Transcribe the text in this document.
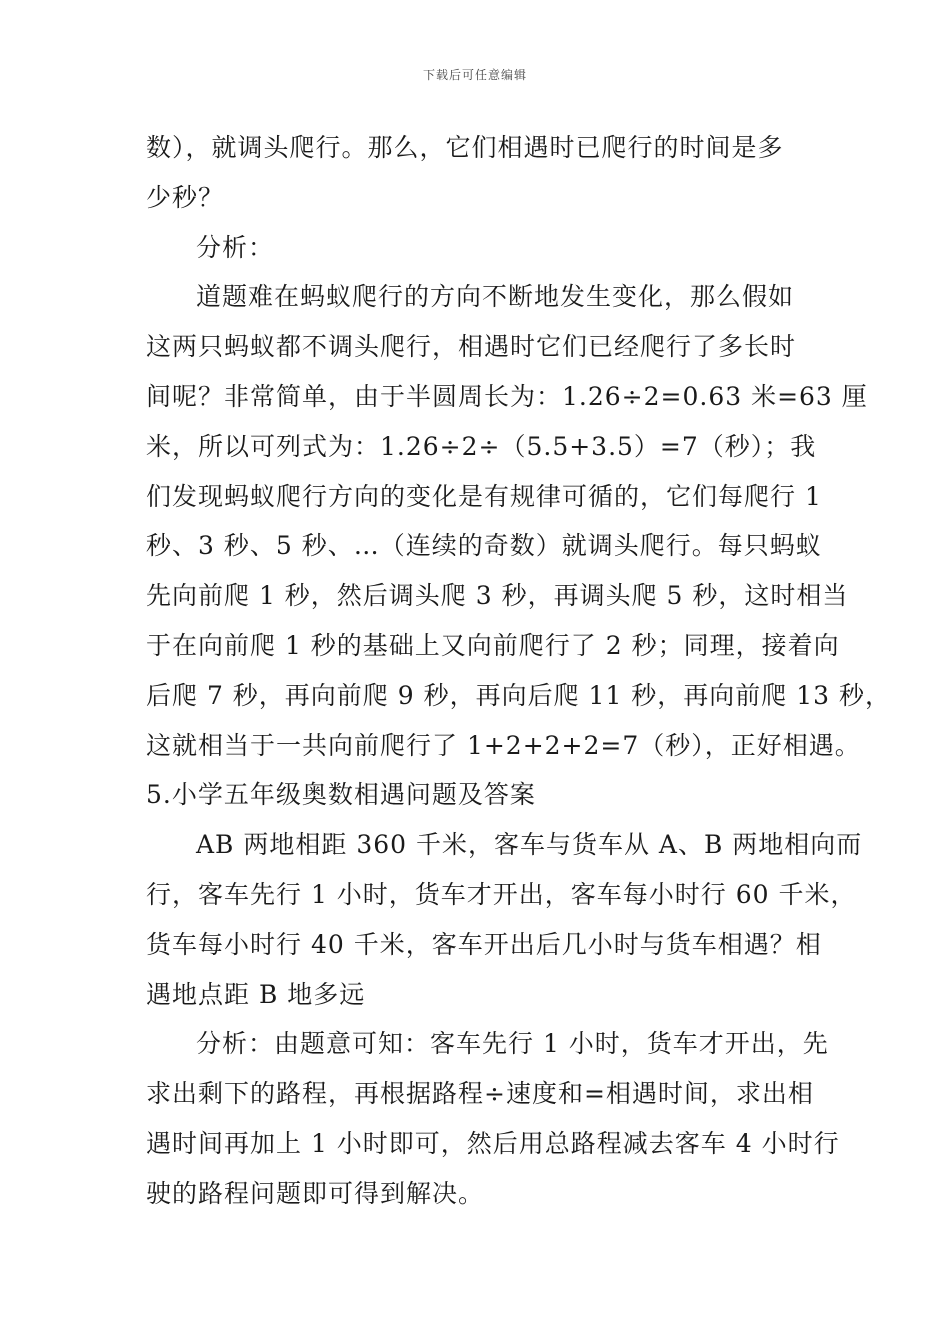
下载后可任意编辑
数），就调头爬行。那么，它们相遇时已爬行的时间是多
少秒？
分析：
道题难在蚂蚁爬行的方向不断地发生变化，那么假如
这两只蚂蚁都不调头爬行，相遇时它们已经爬行了多长时
间呢？非常简单，由于半圆周长为：1.26÷2=0.63 米=63 厘
米，所以可列式为：1.26÷2÷（5.5+3.5）=7（秒）；我
们发现蚂蚁爬行方向的变化是有规律可循的，它们每爬行 1
秒、3 秒、5 秒、…（连续的奇数）就调头爬行。每只蚂蚁
先向前爬 1 秒，然后调头爬 3 秒，再调头爬 5 秒，这时相当
于在向前爬 1 秒的基础上又向前爬行了 2 秒；同理，接着向
后爬 7 秒，再向前爬 9 秒，再向后爬 11 秒，再向前爬 13 秒，
这就相当于一共向前爬行了 1+2+2+2=7（秒），正好相遇。
5.小学五年级奥数相遇问题及答案
AB 两地相距 360 千米，客车与货车从 A、B 两地相向而
行，客车先行 1 小时，货车才开出，客车每小时行 60 千米，
货车每小时行 40 千米，客车开出后几小时与货车相遇？相
遇地点距 B 地多远
分析：由题意可知：客车先行 1 小时，货车才开出，先
求出剩下的路程，再根据路程÷速度和=相遇时间，求出相
遇时间再加上 1 小时即可，然后用总路程减去客车 4 小时行
驶的路程问题即可得到解决。
